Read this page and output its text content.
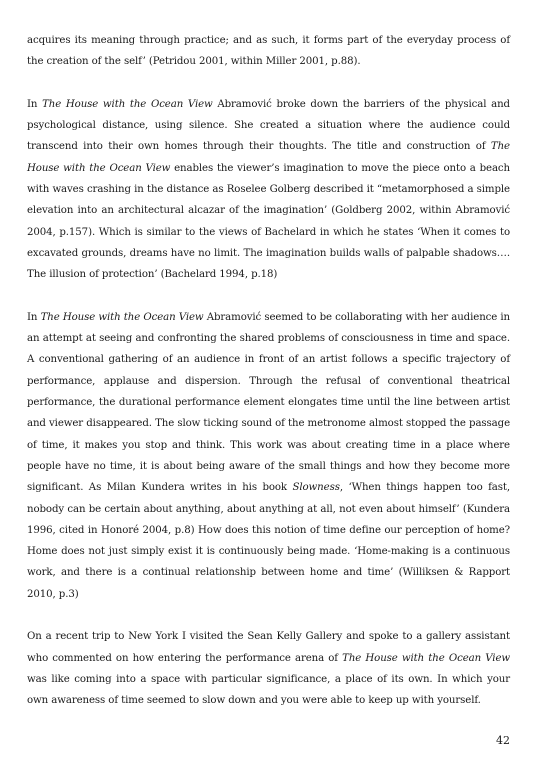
acquires its meaning through practice; and as such, it forms part of the everyday process of the creation of the self’ (Petridou 2001, within Miller 2001, p.88).

In The House with the Ocean View Abramović broke down the barriers of the physical and psychological distance, using silence. She created a situation where the audience could transcend into their own homes through their thoughts. The title and construction of The House with the Ocean View enables the viewer’s imagination to move the piece onto a beach with waves crashing in the distance as Roselee Golberg described it “metamorphosed a simple elevation into an architectural alcazar of the imagination’ (Goldberg 2002, within Abramović 2004, p.157). Which is similar to the views of Bachelard in which he states ‘When it comes to excavated grounds, dreams have no limit. The imagination builds walls of palpable shadows…. The illusion of protection’ (Bachelard 1994, p.18)

In The House with the Ocean View Abramović seemed to be collaborating with her audience in an attempt at seeing and confronting the shared problems of consciousness in time and space. A conventional gathering of an audience in front of an artist follows a specific trajectory of performance, applause and dispersion. Through the refusal of conventional theatrical performance, the durational performance element elongates time until the line between artist and viewer disappeared. The slow ticking sound of the metronome almost stopped the passage of time, it makes you stop and think. This work was about creating time in a place where people have no time, it is about being aware of the small things and how they become more significant. As Milan Kundera writes in his book Slowness, ‘When things happen too fast, nobody can be certain about anything, about anything at all, not even about himself’ (Kundera 1996, cited in Honoré 2004, p.8) How does this notion of time define our perception of home? Home does not just simply exist it is continuously being made. ‘Home-making is a continuous work, and there is a continual relationship between home and time’ (Williksen & Rapport 2010, p.3)

On a recent trip to New York I visited the Sean Kelly Gallery and spoke to a gallery assistant who commented on how entering the performance arena of The House with the Ocean View was like coming into a space with particular significance, a place of its own. In which your own awareness of time seemed to slow down and you were able to keep up with yourself.

42
